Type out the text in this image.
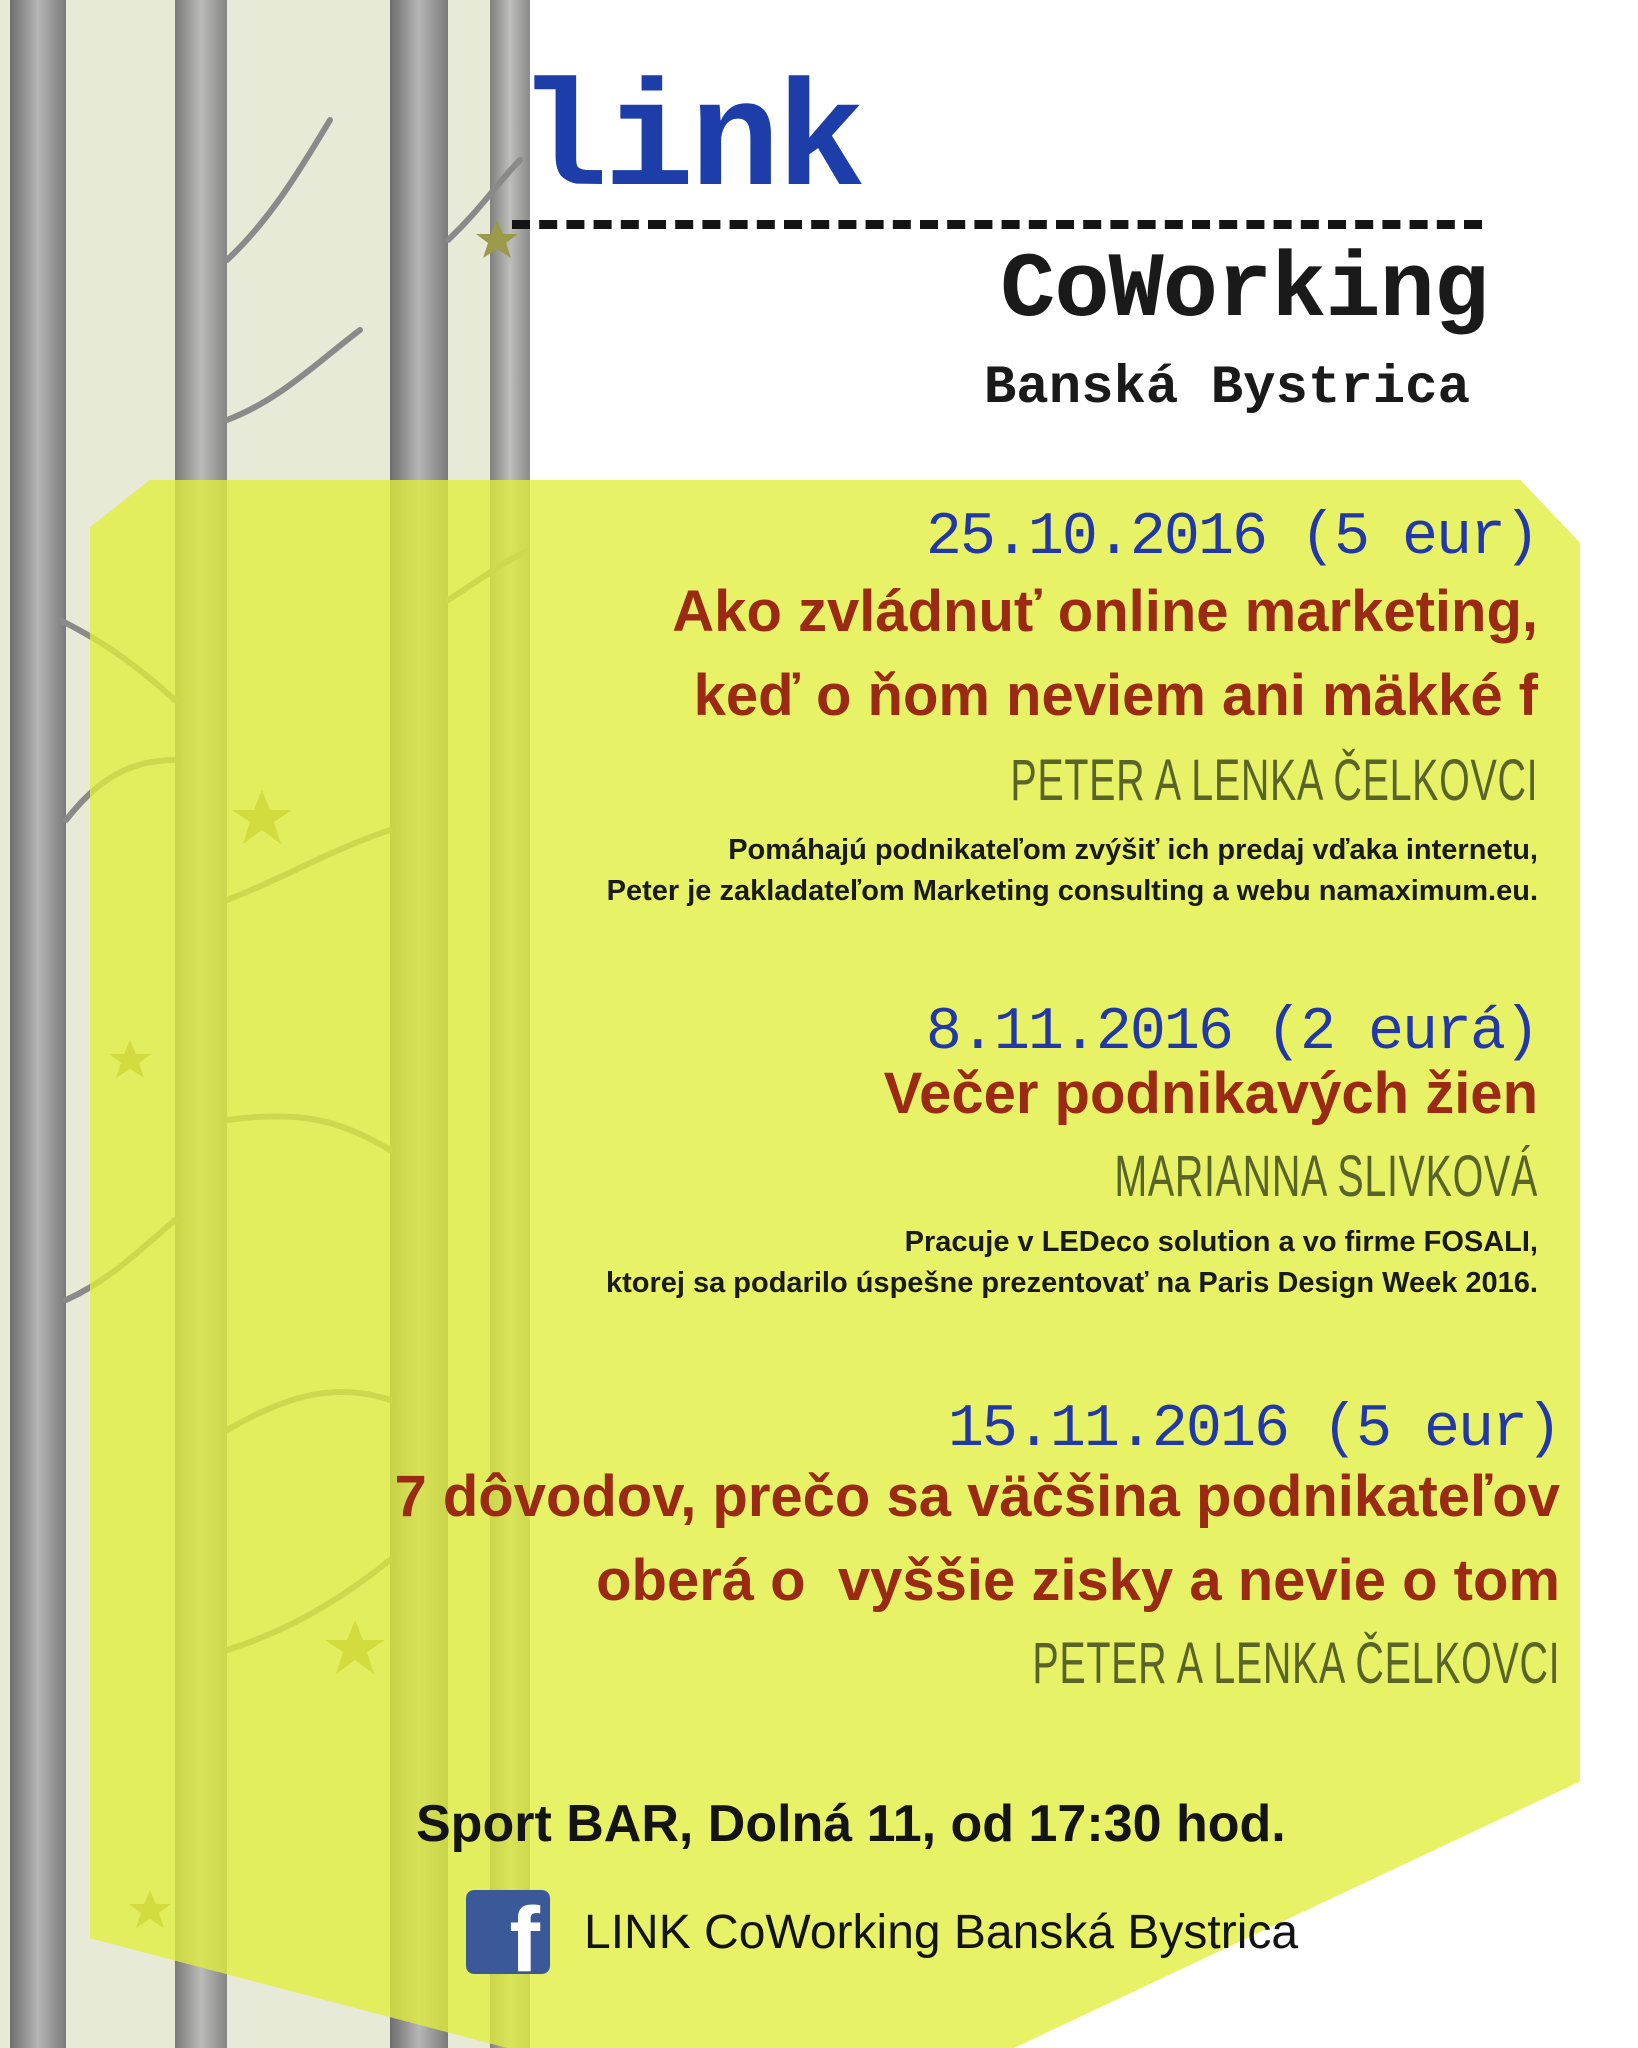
link
CoWorking
Banská Bystrica
25.10.2016 (5 eur)
Ako zvládnuť online marketing,
keď o ňom neviem ani mäkké f
PETER A LENKA ČELKOVCI
Pomáhajú podnikateľom zvýšiť ich predaj vďaka internetu,
Peter je zakladateľom Marketing consulting a webu namaximum.eu.
8.11.2016 (2 eurá)
Večer podnikavých žien
MARIANNA SLIVKOVÁ
Pracuje v LEDeco solution a vo firme FOSALI,
ktorej sa podarilo úspešne prezentovať na Paris Design Week 2016.
15.11.2016 (5 eur)
7 dôvodov, prečo sa väčšina podnikateľov
oberá o  vyššie zisky a nevie o tom
PETER A LENKA ČELKOVCI
Sport BAR, Dolná 11, od 17:30 hod.
f LINK CoWorking Banská Bystrica
